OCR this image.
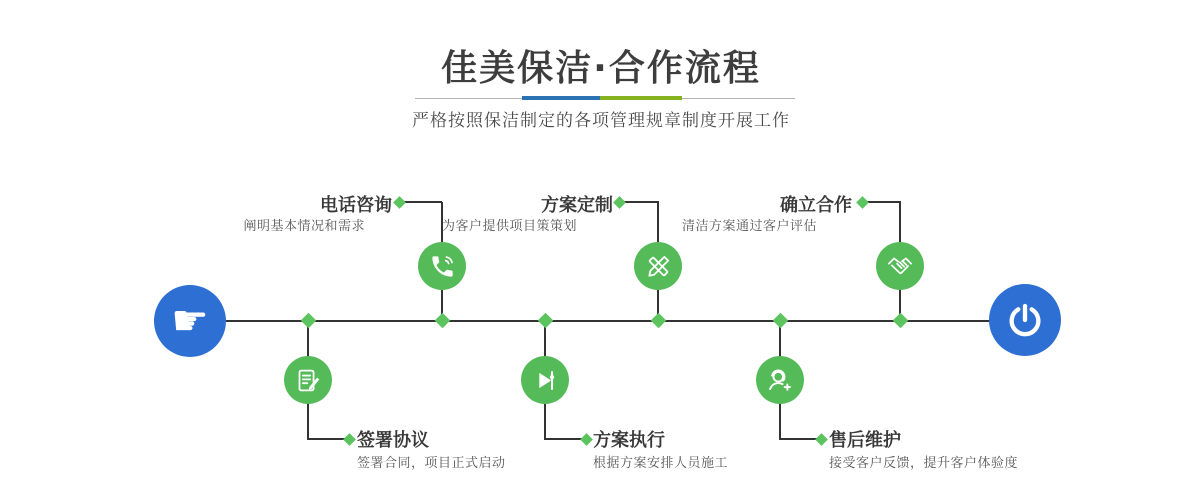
佳美保洁·合作流程
严格按照保洁制定的各项管理规章制度开展工作
☛
电话咨询
阐明基本情况和需求
方案定制
为客户提供项目策策划
确立合作
清洁方案通过客户评估
签署协议
签署合同，项目正式启动
方案执行
根据方案安排人员施工
售后维护
接受客户反馈，提升客户体验度
